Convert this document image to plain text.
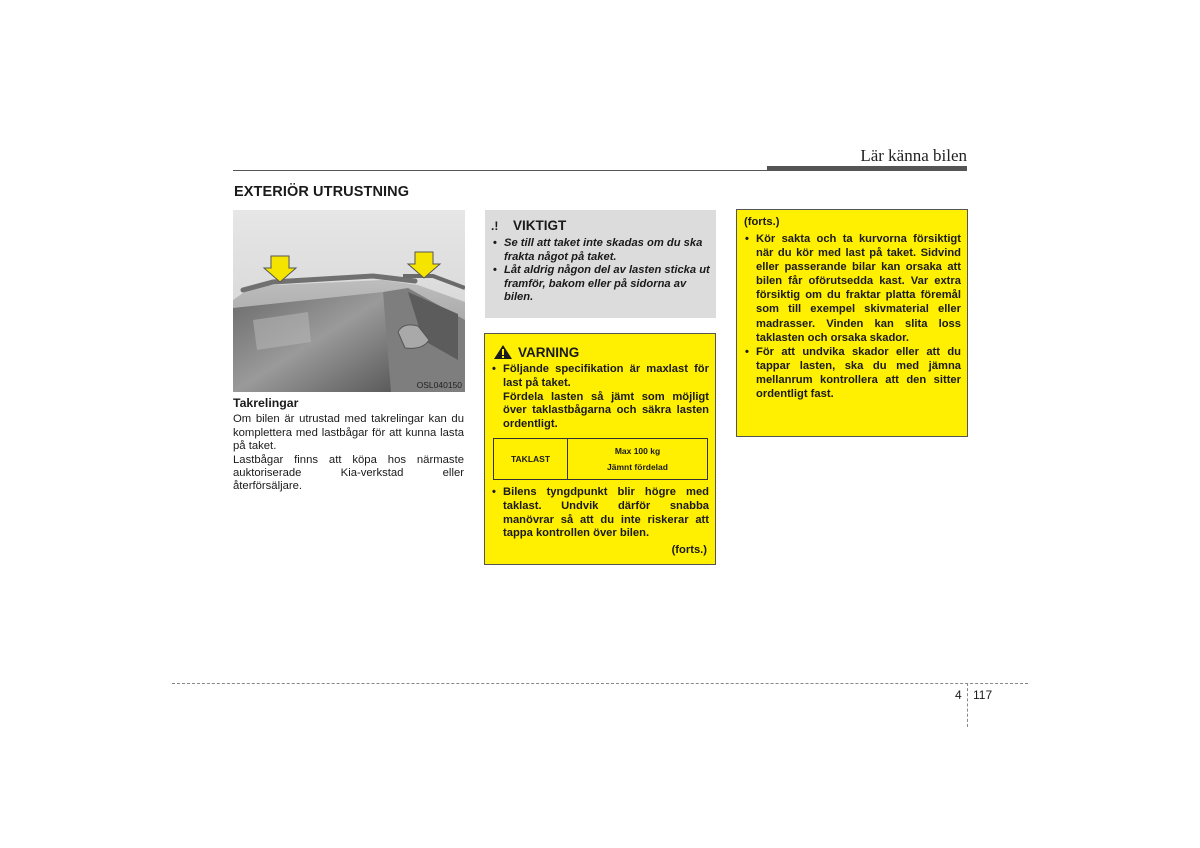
Lär känna bilen
EXTERIÖR UTRUSTNING
OSL040150
Takrelingar

Om bilen är utrustad med takrelingar kan du komplettera med lastbågar för att kunna lasta på taket.

Lastbågar finns att köpa hos närmaste auktoriserade Kia-verkstad eller återförsäljare.

.!	VIKTIGT
• Se till att taket inte skadas om du ska frakta något på taket.
• Låt aldrig någon del av lasten sticka ut framför, bakom eller på sidorna av bilen.
VARNING
• Följande specifikation är maxlast för last på taket.
Fördela lasten så jämt som möjligt över taklastbågarna och säkra lasten ordentligt.
TAKLAST
Max 100 kg
Jämnt fördelad
• Bilens tyngdpunkt blir högre med taklast. Undvik därför snabba manövrar så att du inte riskerar att tappa kontrollen över bilen.
(forts.)
(forts.)
• Kör sakta och ta kurvorna försiktigt när du kör med last på taket. Sidvind eller passerande bilar kan orsaka att bilen får oförutsedda kast. Var extra försiktig om du fraktar platta föremål som till exempel skivmaterial eller madrasser. Vinden kan slita loss taklasten och orsaka skador.
• För att undvika skador eller att du tappar lasten, ska du med jämna mellanrum kontrollera att den sitter ordentligt fast.
4 117
